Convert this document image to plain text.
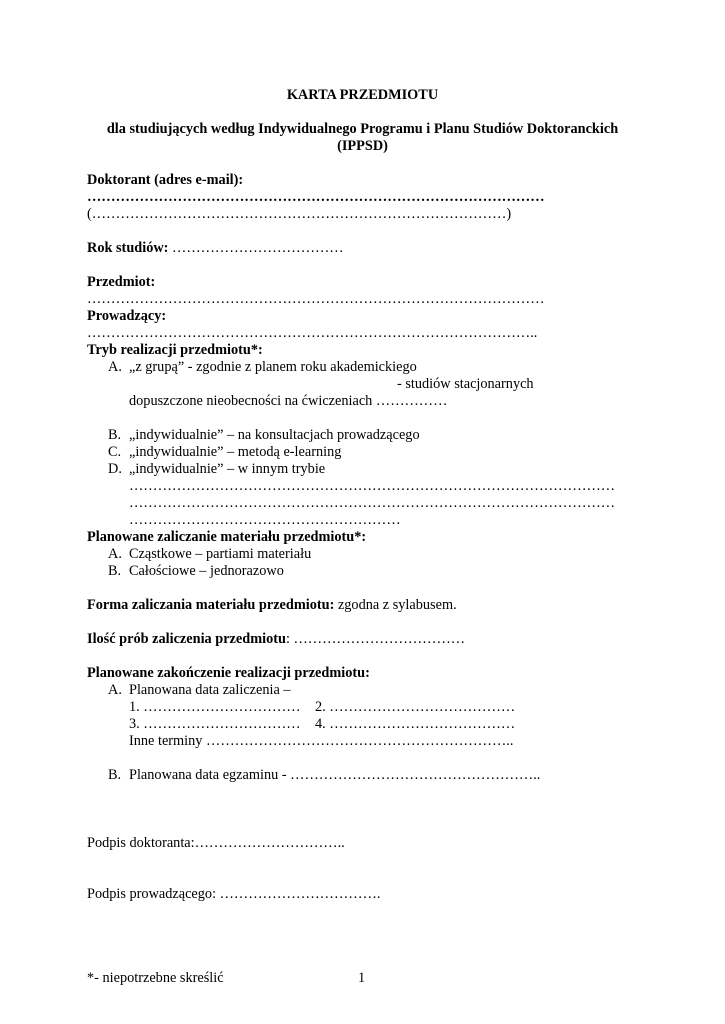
KARTA PRZEDMIOTU
dla studiujących według Indywidualnego Programu i Planu Studiów Doktoranckich
(IPPSD)
Doktorant (adres e-mail):
……………………………………………………………………………………
(……………………………………………………………………………)
Rok studiów: ………………………………
Przedmiot:
……………………………………………………………………………………
Prowadzący:
…………………………………………………………………………………..
Tryb realizacji przedmiotu*:
A. „z grupą” - zgodnie z planem roku akademickiego
- studiów stacjonarnych
dopuszczone nieobecności na ćwiczeniach ……………
B. „indywidualnie” – na konsultacjach prowadzącego
C. „indywidualnie” – metodą e-learning
D. „indywidualnie” – w innym trybie
…………………………………………………………………………………………
…………………………………………………………………………………………
…………………………………………………
Planowane zaliczanie materiału przedmiotu*:
A. Cząstkowe – partiami materiału
B. Całościowe – jednorazowo
Forma zaliczania materiału przedmiotu: zgodna z sylabusem.
Ilość prób zaliczenia przedmiotu: ………………………………
Planowane zakończenie realizacji przedmiotu:
A. Planowana data zaliczenia –
1. …………………………… 2. …………………………………
3. …………………………… 4. …………………………………
Inne terminy ………………………………………………………..
B. Planowana data egzaminu - ……………………………………………..
Podpis doktoranta:…………………………..
Podpis prowadzącego: …………………………….
*- niepotrzebne skreślić	1
